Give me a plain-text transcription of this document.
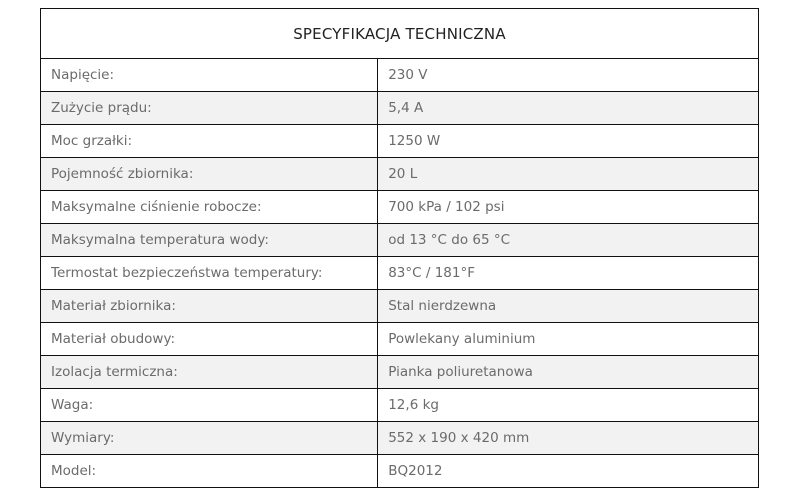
SPECYFIKACJA TECHNICZNA	
Napięcie:	230 V
Zużycie prądu:	5,4 A
Moc grzałki:	1250 W
Pojemność zbiornika:	20 L
Maksymalne ciśnienie robocze:	700 kPa / 102 psi
Maksymalna temperatura wody:	od 13 °C do 65 °C
Termostat bezpieczeństwa temperatury:	83°C / 181°F
Materiał zbiornika:	Stal nierdzewna
Materiał obudowy:	Powlekany aluminium
Izolacja termiczna:	Pianka poliuretanowa
Waga:	12,6 kg
Wymiary:	552 x 190 x 420 mm
Model:	BQ2012
